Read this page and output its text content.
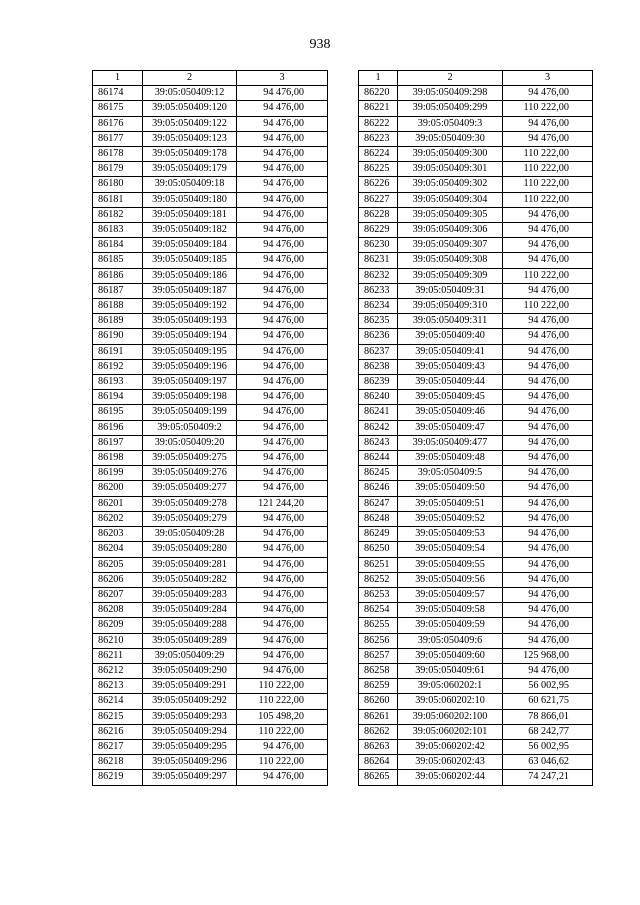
938
1	2	3
86174	39:05:050409:12	94 476,00
86175	39:05:050409:120	94 476,00
86176	39:05:050409:122	94 476,00
86177	39:05:050409:123	94 476,00
86178	39:05:050409:178	94 476,00
86179	39:05:050409:179	94 476,00
86180	39:05:050409:18	94 476,00
86181	39:05:050409:180	94 476,00
86182	39:05:050409:181	94 476,00
86183	39:05:050409:182	94 476,00
86184	39:05:050409:184	94 476,00
86185	39:05:050409:185	94 476,00
86186	39:05:050409:186	94 476,00
86187	39:05:050409:187	94 476,00
86188	39:05:050409:192	94 476,00
86189	39:05:050409:193	94 476,00
86190	39:05:050409:194	94 476,00
86191	39:05:050409:195	94 476,00
86192	39:05:050409:196	94 476,00
86193	39:05:050409:197	94 476,00
86194	39:05:050409:198	94 476,00
86195	39:05:050409:199	94 476,00
86196	39:05:050409:2	94 476,00
86197	39:05:050409:20	94 476,00
86198	39:05:050409:275	94 476,00
86199	39:05:050409:276	94 476,00
86200	39:05:050409:277	94 476,00
86201	39:05:050409:278	121 244,20
86202	39:05:050409:279	94 476,00
86203	39:05:050409:28	94 476,00
86204	39:05:050409:280	94 476,00
86205	39:05:050409:281	94 476,00
86206	39:05:050409:282	94 476,00
86207	39:05:050409:283	94 476,00
86208	39:05:050409:284	94 476,00
86209	39:05:050409:288	94 476,00
86210	39:05:050409:289	94 476,00
86211	39:05:050409:29	94 476,00
86212	39:05:050409:290	94 476,00
86213	39:05:050409:291	110 222,00
86214	39:05:050409:292	110 222,00
86215	39:05:050409:293	105 498,20
86216	39:05:050409:294	110 222,00
86217	39:05:050409:295	94 476,00
86218	39:05:050409:296	110 222,00
86219	39:05:050409:297	94 476,00
1	2	3
86220	39:05:050409:298	94 476,00
86221	39:05:050409:299	110 222,00
86222	39:05:050409:3	94 476,00
86223	39:05:050409:30	94 476,00
86224	39:05:050409:300	110 222,00
86225	39:05:050409:301	110 222,00
86226	39:05:050409:302	110 222,00
86227	39:05:050409:304	110 222,00
86228	39:05:050409:305	94 476,00
86229	39:05:050409:306	94 476,00
86230	39:05:050409:307	94 476,00
86231	39:05:050409:308	94 476,00
86232	39:05:050409:309	110 222,00
86233	39:05:050409:31	94 476,00
86234	39:05:050409:310	110 222,00
86235	39:05:050409:311	94 476,00
86236	39:05:050409:40	94 476,00
86237	39:05:050409:41	94 476,00
86238	39:05:050409:43	94 476,00
86239	39:05:050409:44	94 476,00
86240	39:05:050409:45	94 476,00
86241	39:05:050409:46	94 476,00
86242	39:05:050409:47	94 476,00
86243	39:05:050409:477	94 476,00
86244	39:05:050409:48	94 476,00
86245	39:05:050409:5	94 476,00
86246	39:05:050409:50	94 476,00
86247	39:05:050409:51	94 476,00
86248	39:05:050409:52	94 476,00
86249	39:05:050409:53	94 476,00
86250	39:05:050409:54	94 476,00
86251	39:05:050409:55	94 476,00
86252	39:05:050409:56	94 476,00
86253	39:05:050409:57	94 476,00
86254	39:05:050409:58	94 476,00
86255	39:05:050409:59	94 476,00
86256	39:05:050409:6	94 476,00
86257	39:05:050409:60	125 968,00
86258	39:05:050409:61	94 476,00
86259	39:05:060202:1	56 002,95
86260	39:05:060202:10	60 621,75
86261	39:05:060202:100	78 866,01
86262	39:05:060202:101	68 242,77
86263	39:05:060202:42	56 002,95
86264	39:05:060202:43	63 046,62
86265	39:05:060202:44	74 247,21
